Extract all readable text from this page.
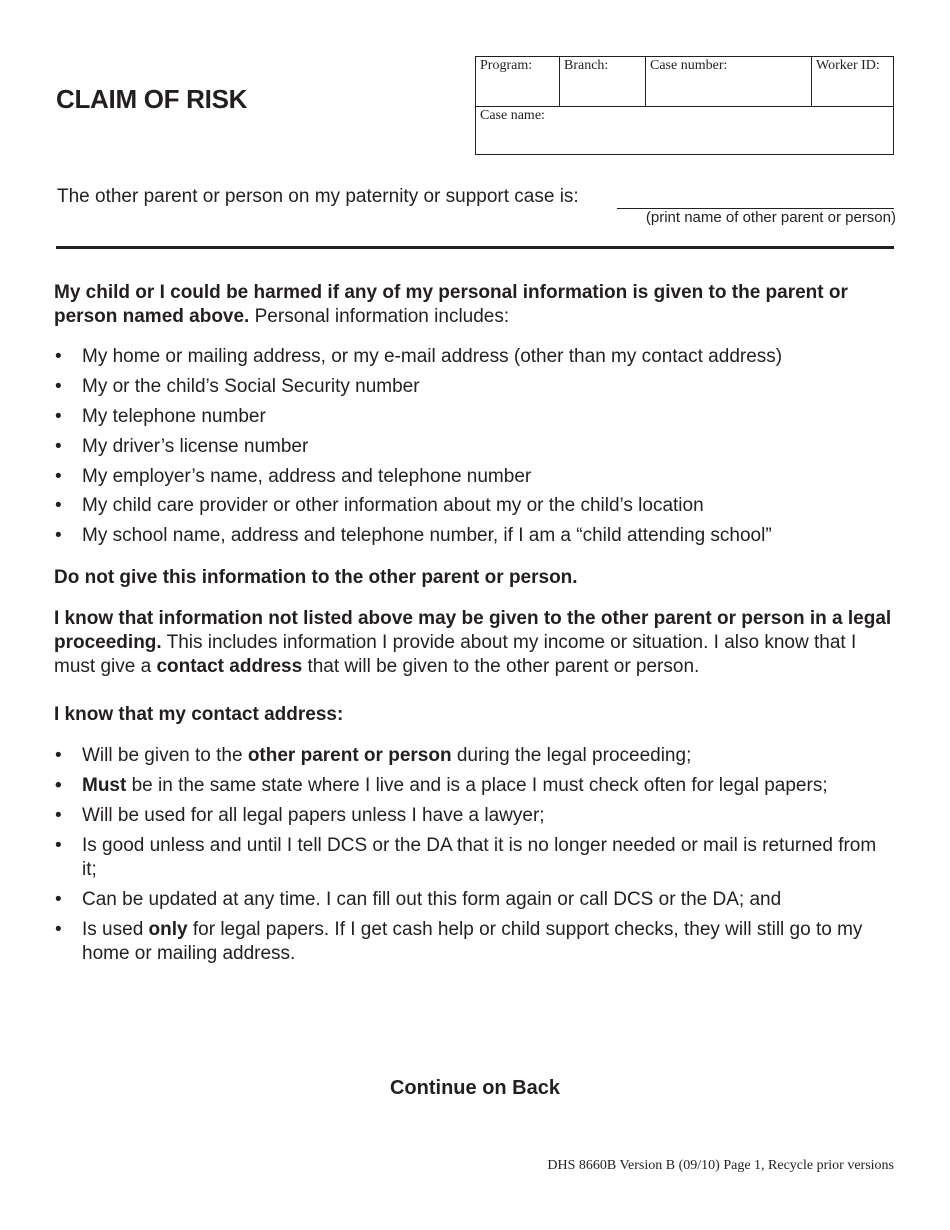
CLAIM OF RISK
Program:	Branch:	Case number:	Worker ID:
Case name:
The other parent or person on my paternity or support case is:
(print name of other parent or person)

My child or I could be harmed if any of my personal information is given to the parent or person named above. Personal information includes:

• My home or mailing address, or my e-mail address (other than my contact address)
• My or the child’s Social Security number
• My telephone number
• My driver’s license number
• My employer’s name, address and telephone number
• My child care provider or other information about my or the child’s location
• My school name, address and telephone number, if I am a “child attending school”

Do not give this information to the other parent or person.

I know that information not listed above may be given to the other parent or person in a legal proceeding. This includes information I provide about my income or situation. I also know that I must give a contact address that will be given to the other parent or person.

I know that my contact address:

• Will be given to the other parent or person during the legal proceeding;
• Must be in the same state where I live and is a place I must check often for legal papers;
• Will be used for all legal papers unless I have a lawyer;
• Is good unless and until I tell DCS or the DA that it is no longer needed or mail is returned from it;
• Can be updated at any time. I can fill out this form again or call DCS or the DA; and
• Is used only for legal papers. If I get cash help or child support checks, they will still go to my home or mailing address.
Continue on Back
DHS 8660B Version B (09/10) Page 1, Recycle prior versions
